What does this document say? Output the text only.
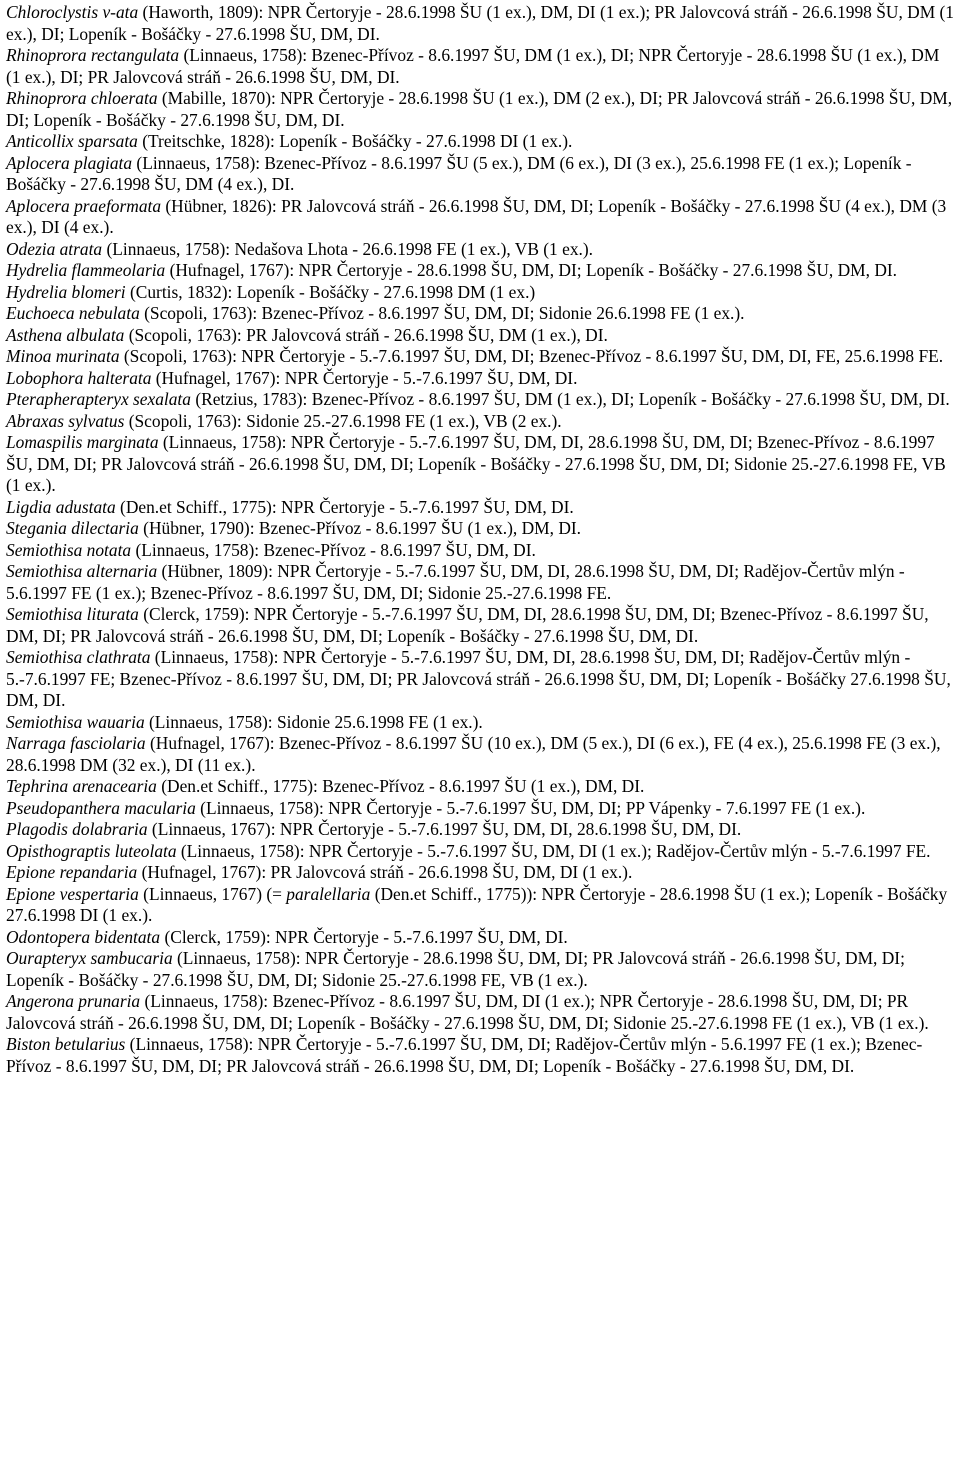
Chloroclystis v-ata (Haworth, 1809): NPR Čertoryje - 28.6.1998 ŠU (1 ex.), DM, DI (1 ex.); PR Jalovcová stráň - 26.6.1998 ŠU, DM (1 ex.), DI; Lopeník - Bošáčky - 27.6.1998 ŠU, DM, DI.

Rhinoprora rectangulata (Linnaeus, 1758): Bzenec-Přívoz - 8.6.1997 ŠU, DM (1 ex.), DI; NPR Čertoryje - 28.6.1998 ŠU (1 ex.), DM (1 ex.), DI; PR Jalovcová stráň - 26.6.1998 ŠU, DM, DI.

Rhinoprora chloerata (Mabille, 1870): NPR Čertoryje - 28.6.1998 ŠU (1 ex.), DM (2 ex.), DI; PR Jalovcová stráň - 26.6.1998 ŠU, DM, DI; Lopeník - Bošáčky - 27.6.1998 ŠU, DM, DI.

Anticollix sparsata (Treitschke, 1828): Lopeník - Bošáčky - 27.6.1998 DI (1 ex.).

Aplocera plagiata (Linnaeus, 1758): Bzenec-Přívoz - 8.6.1997 ŠU (5 ex.), DM (6 ex.), DI (3 ex.), 25.6.1998 FE (1 ex.); Lopeník - Bošáčky - 27.6.1998 ŠU, DM (4 ex.), DI.

Aplocera praeformata (Hübner, 1826): PR Jalovcová stráň - 26.6.1998 ŠU, DM, DI; Lopeník - Bošáčky - 27.6.1998 ŠU (4 ex.), DM (3 ex.), DI (4 ex.).

Odezia atrata (Linnaeus, 1758): Nedašova Lhota - 26.6.1998 FE (1 ex.), VB (1 ex.).

Hydrelia flammeolaria (Hufnagel, 1767): NPR Čertoryje - 28.6.1998 ŠU, DM, DI; Lopeník - Bošáčky - 27.6.1998 ŠU, DM, DI.

Hydrelia blomeri (Curtis, 1832): Lopeník - Bošáčky - 27.6.1998 DM (1 ex.)

Euchoeca nebulata (Scopoli, 1763): Bzenec-Přívoz - 8.6.1997 ŠU, DM, DI; Sidonie 26.6.1998 FE (1 ex.).

Asthena albulata (Scopoli, 1763): PR Jalovcová stráň - 26.6.1998 ŠU, DM (1 ex.), DI.

Minoa murinata (Scopoli, 1763): NPR Čertoryje - 5.-7.6.1997 ŠU, DM, DI; Bzenec-Přívoz - 8.6.1997 ŠU, DM, DI, FE, 25.6.1998 FE.

Lobophora halterata (Hufnagel, 1767): NPR Čertoryje - 5.-7.6.1997 ŠU, DM, DI.

Pterapherapteryx sexalata (Retzius, 1783): Bzenec-Přívoz - 8.6.1997 ŠU, DM (1 ex.), DI; Lopeník - Bošáčky - 27.6.1998 ŠU, DM, DI.

Abraxas sylvatus (Scopoli, 1763): Sidonie 25.-27.6.1998 FE (1 ex.), VB (2 ex.).

Lomaspilis marginata (Linnaeus, 1758): NPR Čertoryje - 5.-7.6.1997 ŠU, DM, DI, 28.6.1998 ŠU, DM, DI; Bzenec-Přívoz - 8.6.1997 ŠU, DM, DI; PR Jalovcová stráň - 26.6.1998 ŠU, DM, DI; Lopeník - Bošáčky - 27.6.1998 ŠU, DM, DI; Sidonie 25.-27.6.1998 FE, VB (1 ex.).

Ligdia adustata (Den.et Schiff., 1775): NPR Čertoryje - 5.-7.6.1997 ŠU, DM, DI.

Stegania dilectaria (Hübner, 1790): Bzenec-Přívoz - 8.6.1997 ŠU (1 ex.), DM, DI.

Semiothisa notata (Linnaeus, 1758): Bzenec-Přívoz - 8.6.1997 ŠU, DM, DI.

Semiothisa alternaria (Hübner, 1809): NPR Čertoryje - 5.-7.6.1997 ŠU, DM, DI, 28.6.1998 ŠU, DM, DI; Radějov-Čertův mlýn - 5.6.1997 FE (1 ex.); Bzenec-Přívoz - 8.6.1997 ŠU, DM, DI; Sidonie 25.-27.6.1998 FE.

Semiothisa liturata (Clerck, 1759): NPR Čertoryje - 5.-7.6.1997 ŠU, DM, DI, 28.6.1998 ŠU, DM, DI; Bzenec-Přívoz - 8.6.1997 ŠU, DM, DI; PR Jalovcová stráň - 26.6.1998 ŠU, DM, DI; Lopeník - Bošáčky - 27.6.1998 ŠU, DM, DI.

Semiothisa clathrata (Linnaeus, 1758): NPR Čertoryje - 5.-7.6.1997 ŠU, DM, DI, 28.6.1998 ŠU, DM, DI; Radějov-Čertův mlýn - 5.-7.6.1997 FE; Bzenec-Přívoz - 8.6.1997 ŠU, DM, DI; PR Jalovcová stráň - 26.6.1998 ŠU, DM, DI; Lopeník - Bošáčky 27.6.1998 ŠU, DM, DI.

Semiothisa wauaria (Linnaeus, 1758): Sidonie 25.6.1998 FE (1 ex.).

Narraga fasciolaria (Hufnagel, 1767): Bzenec-Přívoz - 8.6.1997 ŠU (10 ex.), DM (5 ex.), DI (6 ex.), FE (4 ex.), 25.6.1998 FE (3 ex.), 28.6.1998 DM (32 ex.), DI (11 ex.).

Tephrina arenacearia (Den.et Schiff., 1775): Bzenec-Přívoz - 8.6.1997 ŠU (1 ex.), DM, DI.

Pseudopanthera macularia (Linnaeus, 1758): NPR Čertoryje - 5.-7.6.1997 ŠU, DM, DI; PP Vápenky - 7.6.1997 FE (1 ex.).

Plagodis dolabraria (Linnaeus, 1767): NPR Čertoryje - 5.-7.6.1997 ŠU, DM, DI, 28.6.1998 ŠU, DM, DI.

Opisthograptis luteolata (Linnaeus, 1758): NPR Čertoryje - 5.-7.6.1997 ŠU, DM, DI (1 ex.); Radějov-Čertův mlýn - 5.-7.6.1997 FE.

Epione repandaria (Hufnagel, 1767): PR Jalovcová stráň - 26.6.1998 ŠU, DM, DI (1 ex.).

Epione vespertaria (Linnaeus, 1767) (= paralellaria (Den.et Schiff., 1775)): NPR Čertoryje - 28.6.1998 ŠU (1 ex.); Lopeník - Bošáčky 27.6.1998 DI (1 ex.).

Odontopera bidentata (Clerck, 1759): NPR Čertoryje - 5.-7.6.1997 ŠU, DM, DI.

Ourapteryx sambucaria (Linnaeus, 1758): NPR Čertoryje - 28.6.1998 ŠU, DM, DI; PR Jalovcová stráň - 26.6.1998 ŠU, DM, DI; Lopeník - Bošáčky - 27.6.1998 ŠU, DM, DI; Sidonie 25.-27.6.1998 FE, VB (1 ex.).

Angerona prunaria (Linnaeus, 1758): Bzenec-Přívoz - 8.6.1997 ŠU, DM, DI (1 ex.); NPR Čertoryje - 28.6.1998 ŠU, DM, DI; PR Jalovcová stráň - 26.6.1998 ŠU, DM, DI; Lopeník - Bošáčky - 27.6.1998 ŠU, DM, DI; Sidonie 25.-27.6.1998 FE (1 ex.), VB (1 ex.).

Biston betularius (Linnaeus, 1758): NPR Čertoryje - 5.-7.6.1997 ŠU, DM, DI; Radějov-Čertův mlýn - 5.6.1997 FE (1 ex.); Bzenec-Přívoz - 8.6.1997 ŠU, DM, DI; PR Jalovcová stráň - 26.6.1998 ŠU, DM, DI; Lopeník - Bošáčky - 27.6.1998 ŠU, DM, DI.
